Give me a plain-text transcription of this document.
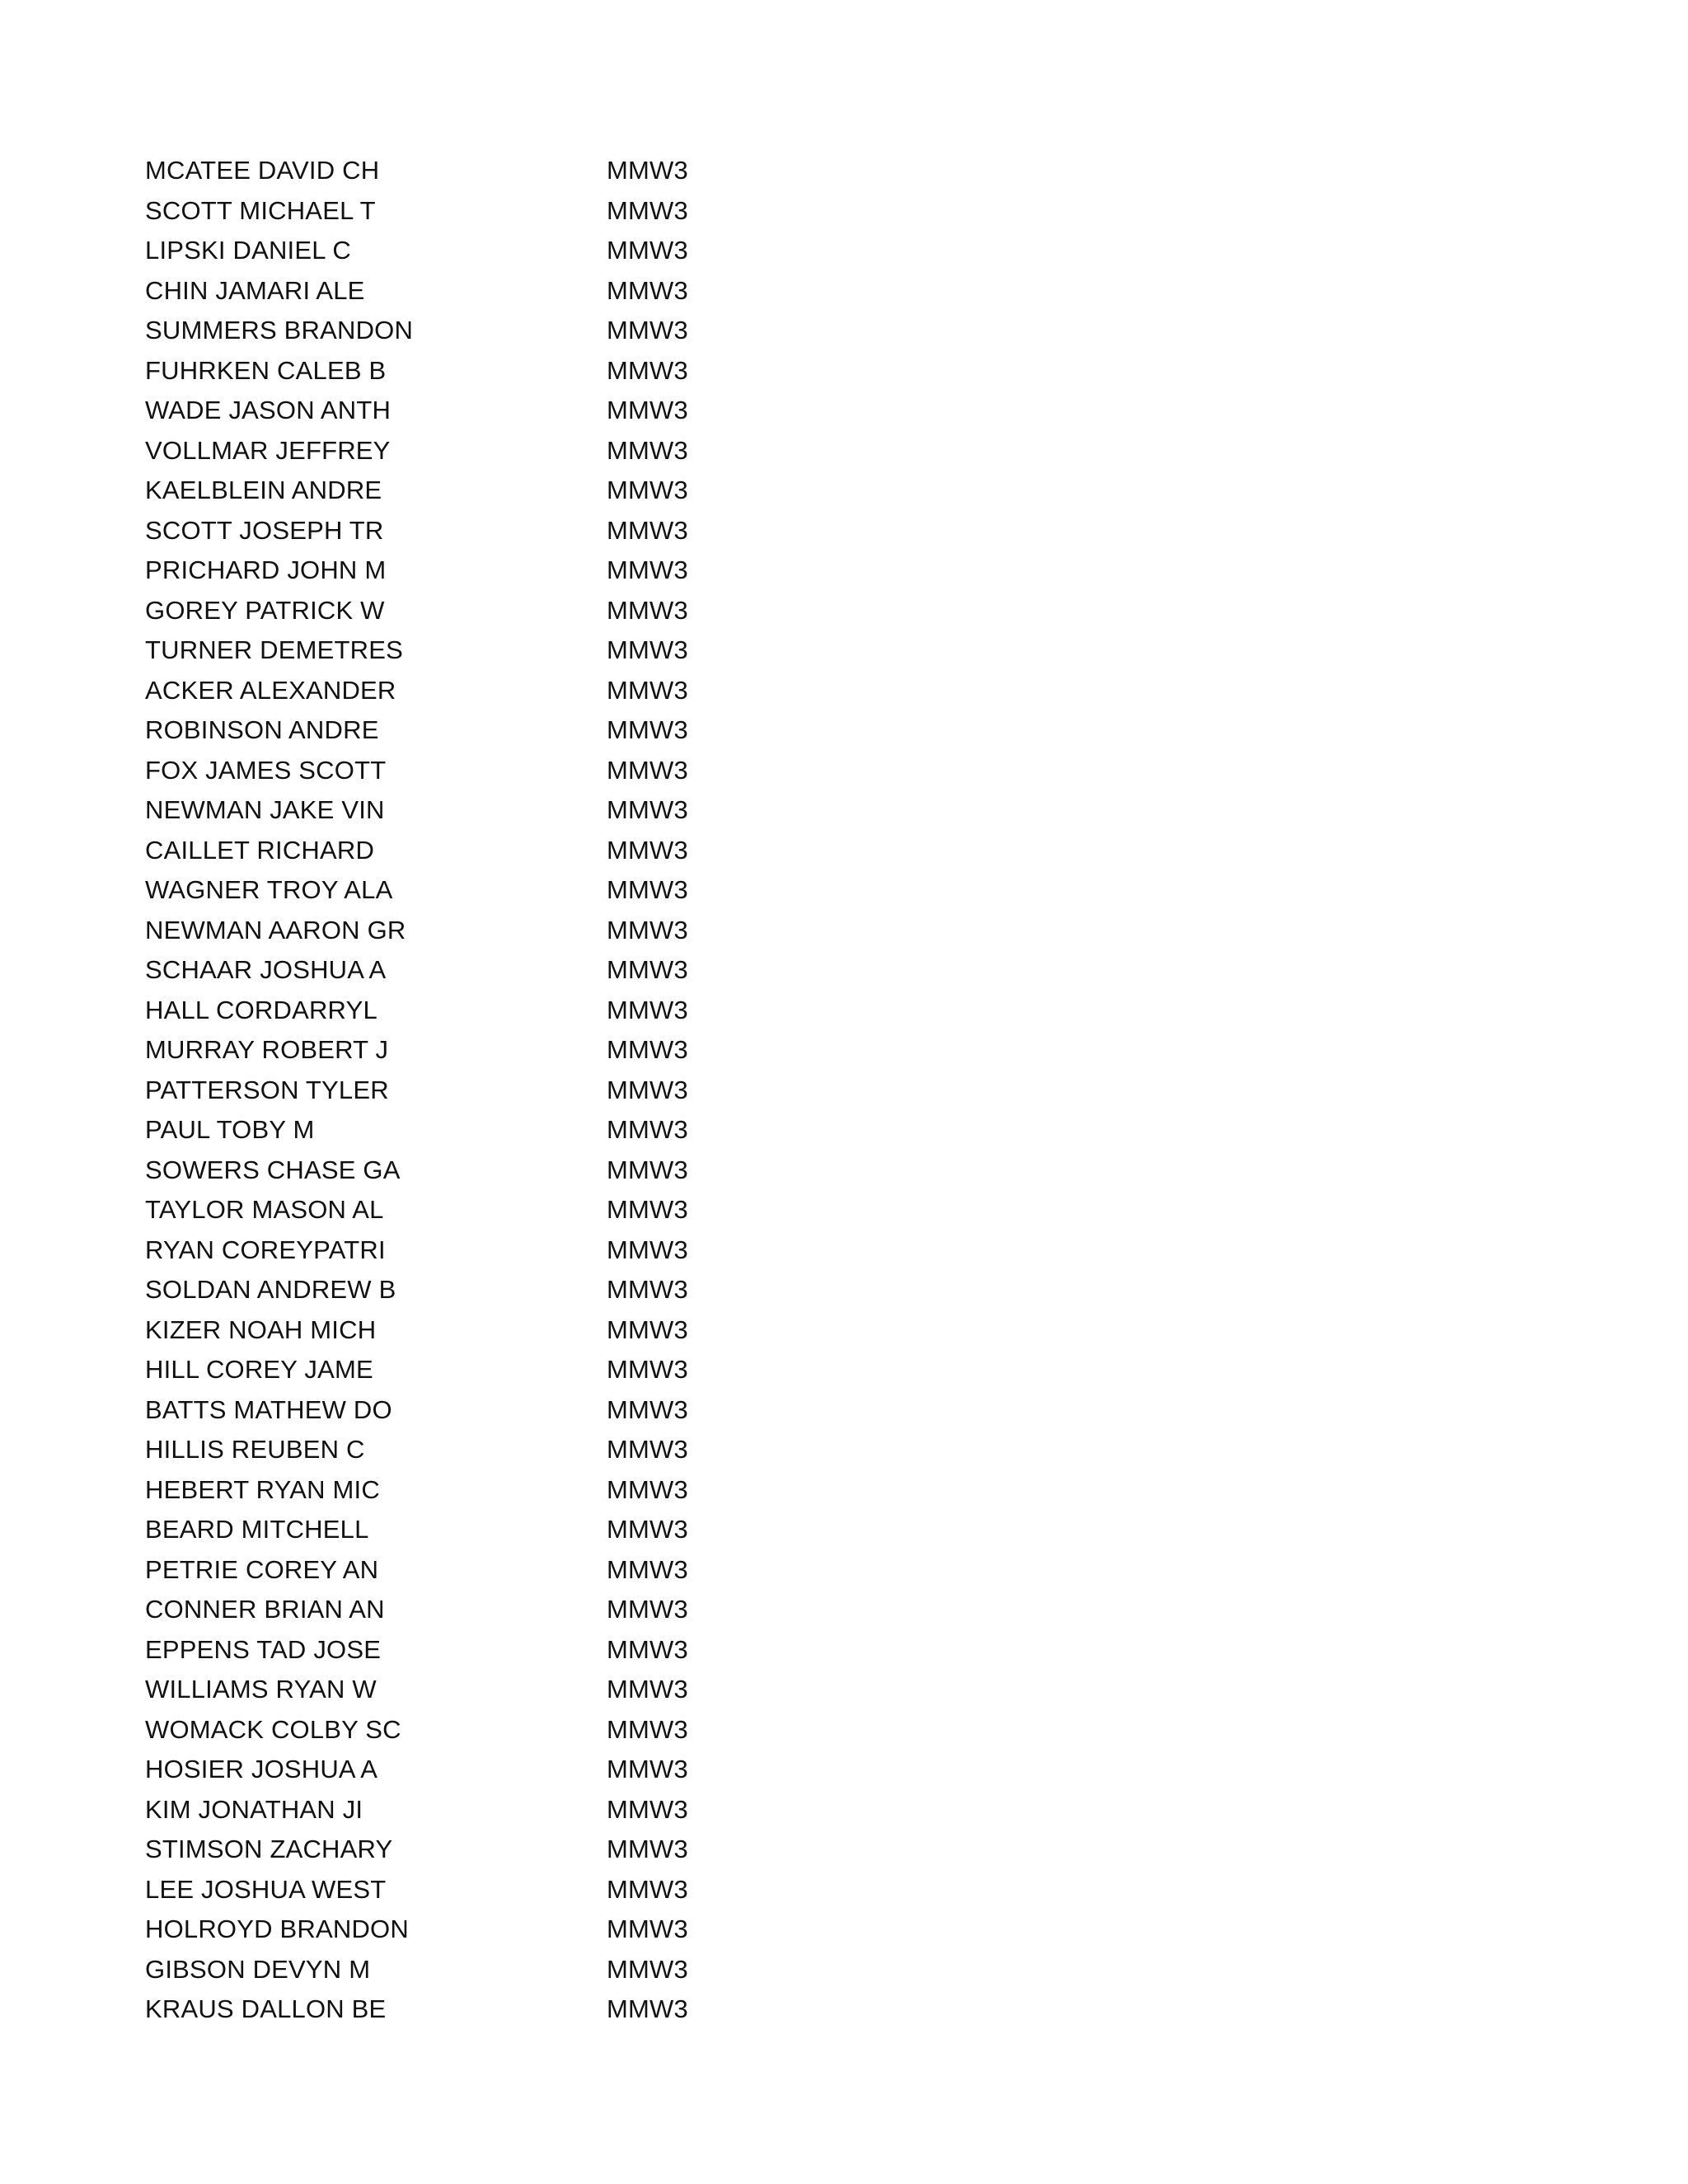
MCATEE DAVID CH	MMW3
SCOTT MICHAEL T	MMW3
LIPSKI DANIEL C	MMW3
CHIN JAMARI ALE	MMW3
SUMMERS BRANDON	MMW3
FUHRKEN CALEB B	MMW3
WADE JASON ANTH	MMW3
VOLLMAR JEFFREY	MMW3
KAELBLEIN ANDRE	MMW3
SCOTT JOSEPH TR	MMW3
PRICHARD JOHN M	MMW3
GOREY PATRICK W	MMW3
TURNER DEMETRES	MMW3
ACKER ALEXANDER	MMW3
ROBINSON ANDRE	MMW3
FOX JAMES SCOTT	MMW3
NEWMAN JAKE VIN	MMW3
CAILLET RICHARD	MMW3
WAGNER TROY ALA	MMW3
NEWMAN AARON GR	MMW3
SCHAAR JOSHUA A	MMW3
HALL CORDARRYL	MMW3
MURRAY ROBERT J	MMW3
PATTERSON TYLER	MMW3
PAUL TOBY M	MMW3
SOWERS CHASE GA	MMW3
TAYLOR MASON AL	MMW3
RYAN COREYPATRI	MMW3
SOLDAN ANDREW B	MMW3
KIZER NOAH MICH	MMW3
HILL COREY JAME	MMW3
BATTS MATHEW DO	MMW3
HILLIS REUBEN C	MMW3
HEBERT RYAN MIC	MMW3
BEARD MITCHELL	MMW3
PETRIE COREY AN	MMW3
CONNER BRIAN AN	MMW3
EPPENS TAD JOSE	MMW3
WILLIAMS RYAN W	MMW3
WOMACK COLBY SC	MMW3
HOSIER JOSHUA A	MMW3
KIM JONATHAN JI	MMW3
STIMSON ZACHARY	MMW3
LEE JOSHUA WEST	MMW3
HOLROYD BRANDON	MMW3
GIBSON DEVYN M	MMW3
KRAUS DALLON BE	MMW3
